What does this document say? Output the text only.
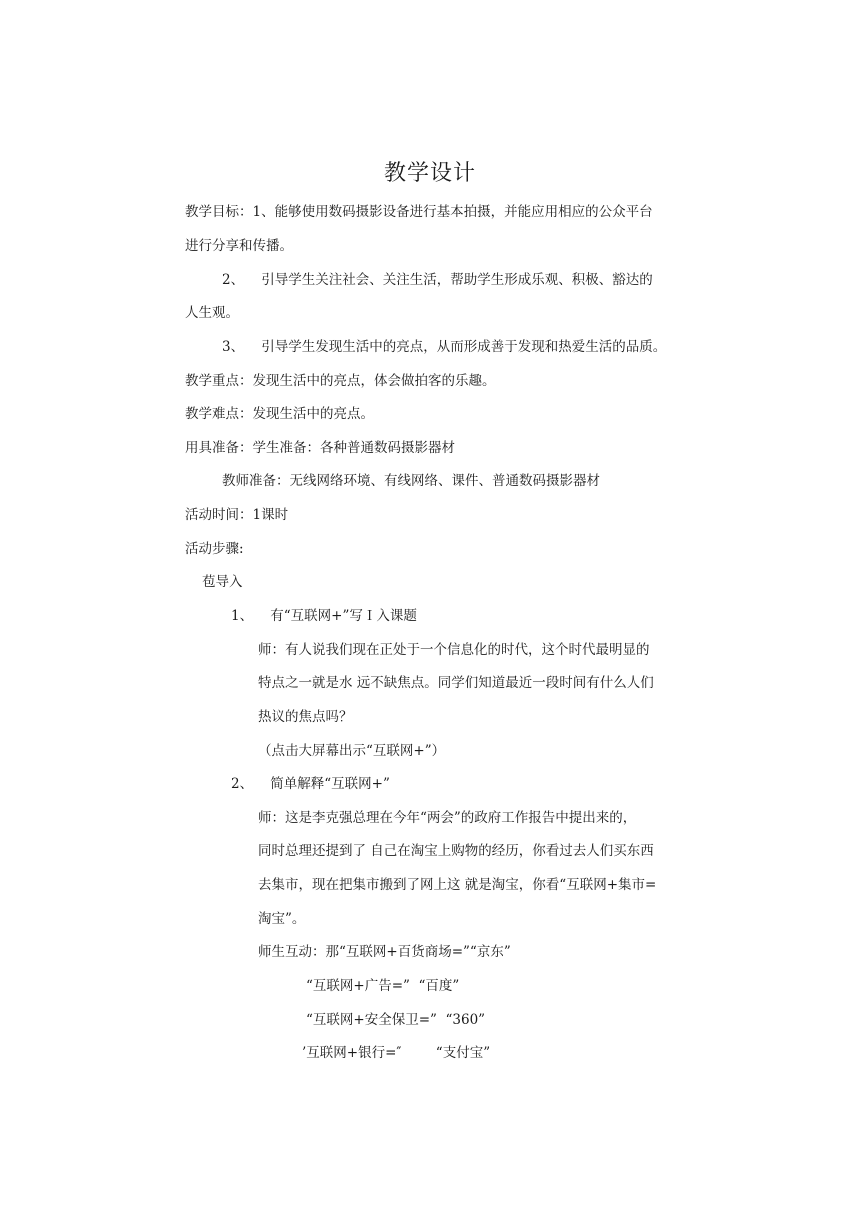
教学设计
教学目标：1、能够使用数码摄影设备进行基本拍摄，并能应用相应的公众平台
进行分享和传播。
2、    引导学生关注社会、关注生活，帮助学生形成乐观、积极、豁达的
人生观。
3、    引导学生发现生活中的亮点，从而形成善于发现和热爱生活的品质。
教学重点：发现生活中的亮点，体会做拍客的乐趣。
教学难点：发现生活中的亮点。
用具准备：学生准备：各种普通数码摄影器材
教师准备：无线网络环境、有线网络、课件、普通数码摄影器材
活动时间：1课时
活动步骤:
苞导入
1、    有“互联网+”写Ｉ入课题
师：有人说我们现在正处于一个信息化的时代，这个时代最明显的
特点之一就是水 远不缺焦点。同学们知道最近一段时间有什么人们
热议的焦点吗？
（点击大屏幕出示“互联网+”）
2、    简单解释“互联网+”
师：这是李克强总理在今年“两会”的政府工作报告中提出来的，
同时总理还提到了 自己在淘宝上购物的经历，你看过去人们买东西
去集市，现在把集市搬到了网上这 就是淘宝，你看“互联网+集市=
淘宝”。
师生互动：那“互联网+百货商场=”“京东”
“互联网+广告=”  “百度”
“互联网+安全保卫=”  “360”
’互联网+银行=″        “支付宝”
